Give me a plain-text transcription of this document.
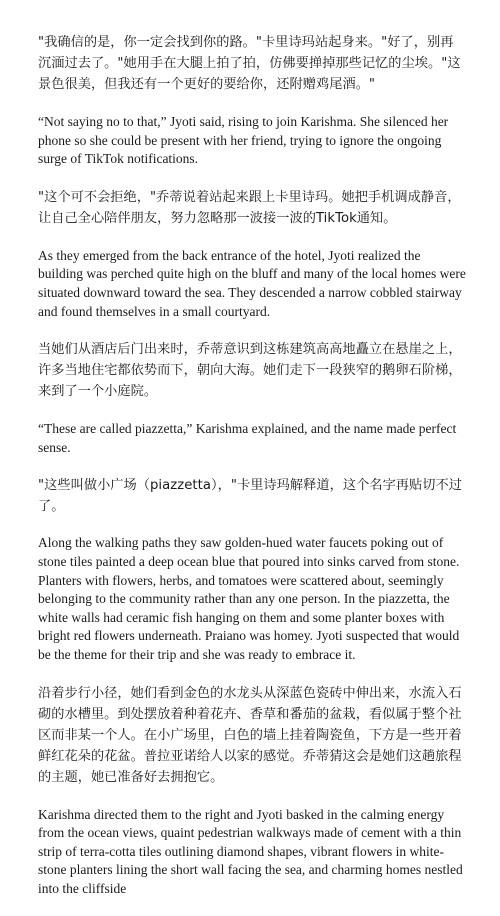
"我确信的是，你一定会找到你的路。"卡里诗玛站起身来。"好了，别再沉湎过去了。"她用手在大腿上拍了拍，仿佛要掸掉那些记忆的尘埃。"这景色很美，但我还有一个更好的要给你，还附赠鸡尾酒。"

“Not saying no to that,” Jyoti said, rising to join Karishma. She silenced her phone so she could be present with her friend, trying to ignore the ongoing surge of TikTok notifications.

"这个可不会拒绝，"乔蒂说着站起来跟上卡里诗玛。她把手机调成静音，让自己全心陪伴朋友，努力忽略那一波接一波的TikTok通知。

As they emerged from the back entrance of the hotel, Jyoti realized the building was perched quite high on the bluff and many of the local homes were situated downward toward the sea. They descended a narrow cobbled stairway and found themselves in a small courtyard.

当她们从酒店后门出来时，乔蒂意识到这栋建筑高高地矗立在悬崖之上，许多当地住宅都依势而下，朝向大海。她们走下一段狭窄的鹅卵石阶梯，来到了一个小庭院。

“These are called piazzetta,” Karishma explained, and the name made perfect sense.

"这些叫做小广场（piazzetta），"卡里诗玛解释道，这个名字再贴切不过了。

Along the walking paths they saw golden-hued water faucets poking out of stone tiles painted a deep ocean blue that poured into sinks carved from stone. Planters with flowers, herbs, and tomatoes were scattered about, seemingly belonging to the community rather than any one person. In the piazzetta, the white walls had ceramic fish hanging on them and some planter boxes with bright red flowers underneath. Praiano was homey. Jyoti suspected that would be the theme for their trip and she was ready to embrace it.

沿着步行小径，她们看到金色的水龙头从深蓝色瓷砖中伸出来，水流入石砌的水槽里。到处摆放着种着花卉、香草和番茄的盆栽，看似属于整个社区而非某一个人。在小广场里，白色的墙上挂着陶瓷鱼，下方是一些开着鲜红花朵的花盆。普拉亚诺给人以家的感觉。乔蒂猜这会是她们这趟旅程的主题，她已准备好去拥抱它。

Karishma directed them to the right and Jyoti basked in the calming energy from the ocean views, quaint pedestrian walkways made of cement with a thin strip of terra-cotta tiles outlining diamond shapes, vibrant flowers in white-stone planters lining the short wall facing the sea, and charming homes nestled into the cliffside
